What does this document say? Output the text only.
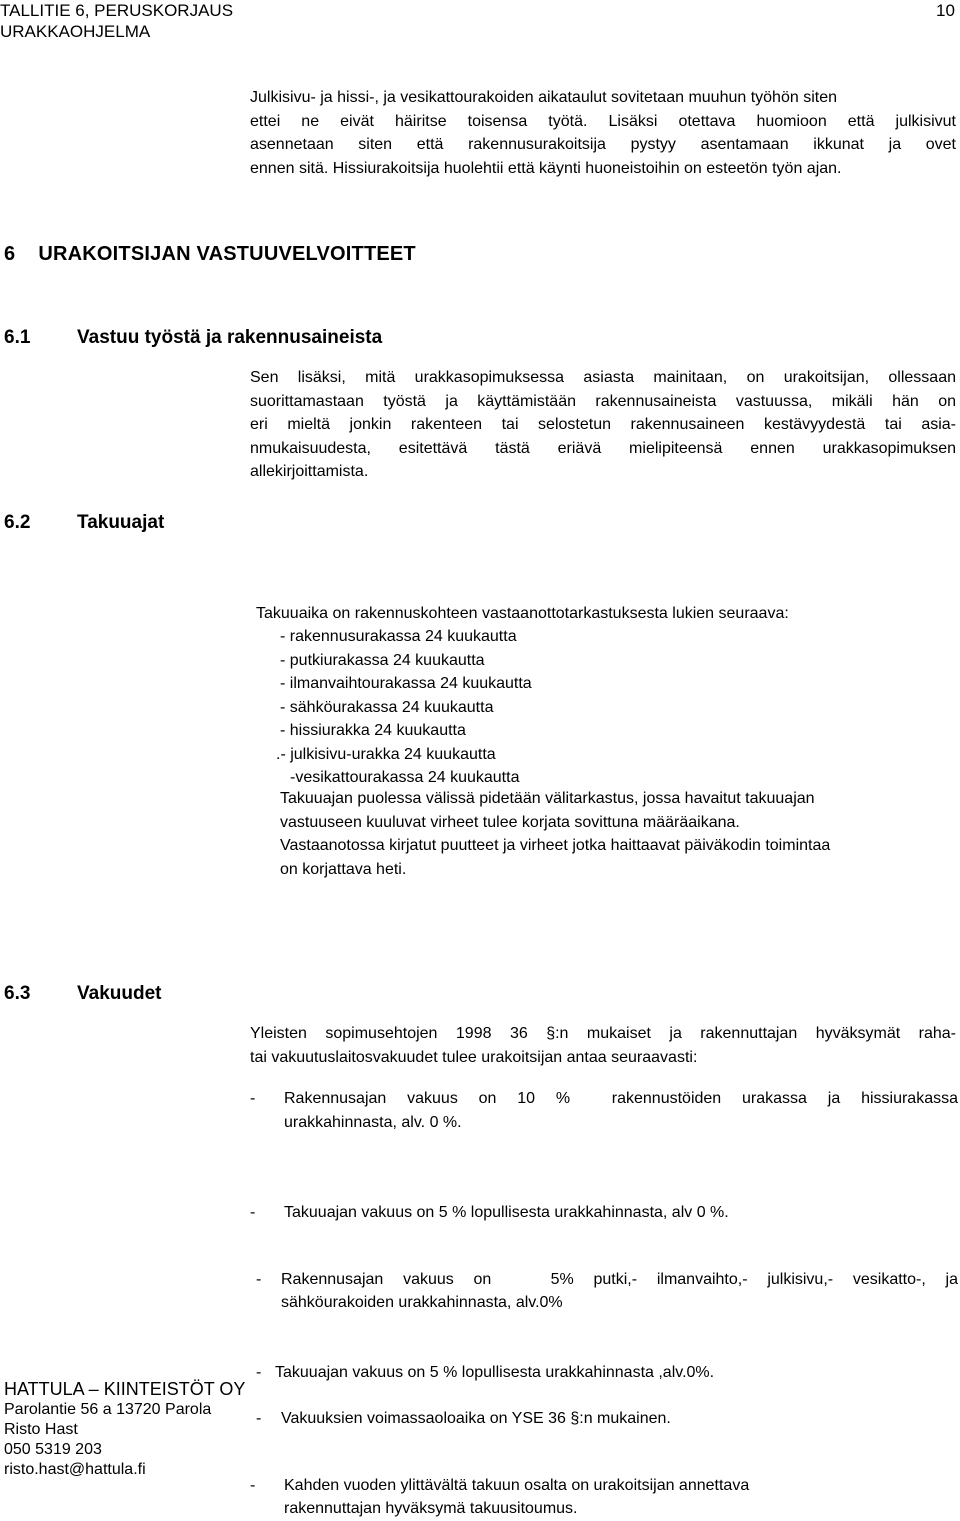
TALLITIE 6, PERUSKORJAUS
URAKKAOHJELMA
10
Julkisivu- ja hissi-, ja vesikattourakoiden aikataulut sovitetaan muuhun työhön siten
ettei ne eivät häiritse toisensa työtä. Lisäksi otettava huomioon että julkisivut
asennetaan siten että rakennusurakoitsija pystyy asentamaan ikkunat ja ovet
ennen sitä. Hissiurakoitsija huolehtii että käynti huoneistoihin on esteetön työn ajan.
6    URAKOITSIJAN VASTUUVELVOITTEET
6.1 Vastuu työstä ja rakennusaineista
Sen lisäksi, mitä urakkasopimuksessa asiasta mainitaan, on urakoitsijan, ollessaan
suorittamastaan työstä ja käyttämistään rakennusaineista vastuussa, mikäli hän on
eri mieltä jonkin rakenteen tai selostetun rakennusaineen kestävyydestä tai asia-
nmukaisuudesta, esitettävä tästä eriävä mielipiteensä ennen urakkasopimuksen
allekirjoittamista.
6.2 Takuuajat
Takuuaika on rakennuskohteen vastaanottotarkastuksesta lukien seuraava:
- rakennusurakassa 24 kuukautta
- putkiurakassa 24 kuukautta
- ilmanvaihtourakassa 24 kuukautta
- sähköurakassa 24 kuukautta
- hissiurakka 24 kuukautta
.- julkisivu-urakka 24 kuukautta
-vesikattourakassa 24 kuukautta
Takuuajan puolessa välissä pidetään välitarkastus, jossa havaitut takuuajan
vastuuseen kuuluvat virheet tulee korjata sovittuna määräaikana.
Vastaanotossa kirjatut puutteet ja virheet jotka haittaavat päiväkodin toimintaa
on korjattava heti.
6.3 Vakuudet
Yleisten sopimusehtojen 1998 36 §:n mukaiset ja rakennuttajan hyväksymät raha-
tai vakuutuslaitosvakuudet tulee urakoitsijan antaa seuraavasti:
- Rakennusajan vakuus on 10 %  rakennustöiden urakassa ja hissiurakassa
urakkahinnasta, alv. 0 %.
- Takuuajan vakuus on 5 % lopullisesta urakkahinnasta, alv 0 %.
- Rakennusajan vakuus on   5% putki,- ilmanvaihto,- julkisivu,- vesikatto-, ja
sähköurakoiden urakkahinnasta, alv.0%
- Takuuajan vakuus on 5 % lopullisesta urakkahinnasta ,alv.0%.
- Vakuuksien voimassaoloaika on YSE 36 §:n mukainen.
- Kahden vuoden ylittävältä takuun osalta on urakoitsijan annettava
rakennuttajan hyväksymä takuusitoumus.
HATTULA – KIINTEISTÖT OY
Parolantie 56 a 13720 Parola
Risto Hast
050 5319 203
risto.hast@hattula.fi
